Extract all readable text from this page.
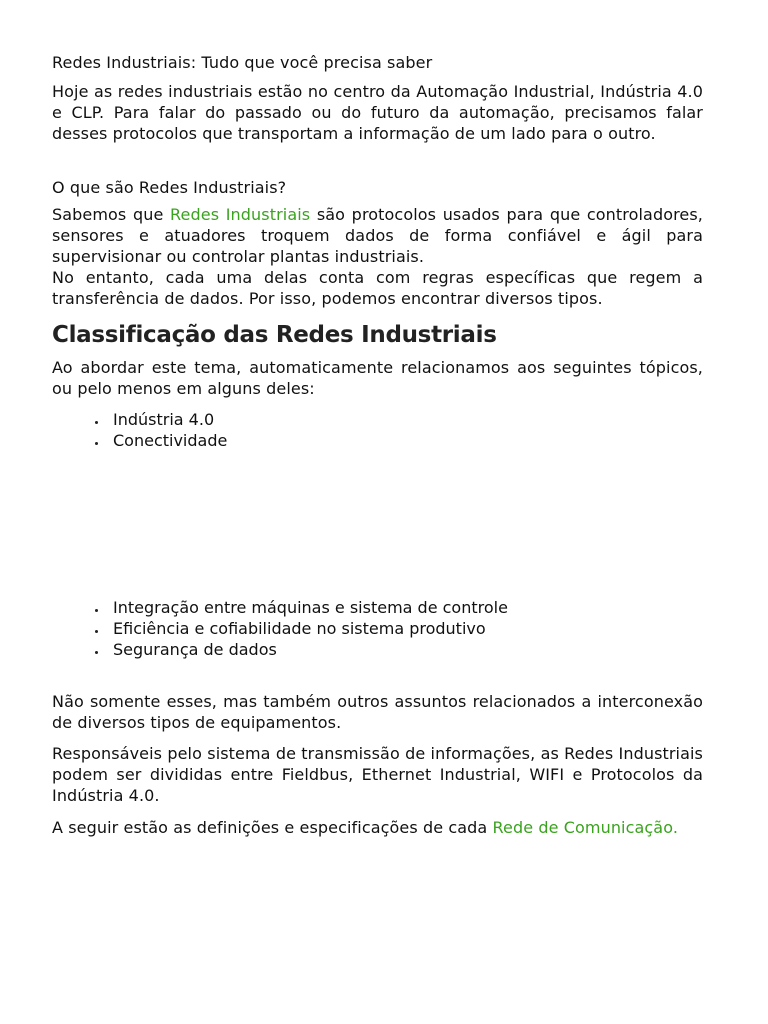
Redes Industriais: Tudo que você precisa saber

Hoje as redes industriais estão no centro da Automação Industrial, Indústria 4.0 e CLP. Para falar do passado ou do futuro da automação, precisamos falar desses protocolos que transportam a informação de um lado para o outro.

O que são Redes Industriais?

Sabemos que Redes Industriais são protocolos usados para que controladores, sensores e atuadores troquem dados de forma confiável e ágil para supervisionar ou controlar plantas industriais.
No entanto, cada uma delas conta com regras específicas que regem a transferência de dados. Por isso, podemos encontrar diversos tipos.

Classificação das Redes Industriais

Ao abordar este tema, automaticamente relacionamos aos seguintes tópicos, ou pelo menos em alguns deles:

Indústria 4.0
Conectividade
Integração entre máquinas e sistema de controle
Eficiência e cofiabilidade no sistema produtivo
Segurança de dados

Não somente esses, mas também outros assuntos relacionados a interconexão de diversos tipos de equipamentos.

Responsáveis pelo sistema de transmissão de informações, as Redes Industriais podem ser divididas entre Fieldbus, Ethernet Industrial, WIFI e Protocolos da Indústria 4.0.

A seguir estão as definições e especificações de cada Rede de Comunicação.
